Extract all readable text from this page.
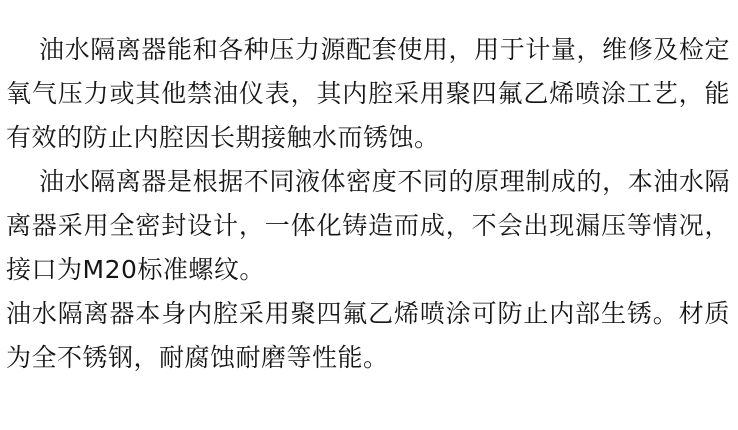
油水隔离器能和各种压力源配套使用，用于计量，维修及检定
氧气压力或其他禁油仪表，其内腔采用聚四氟乙烯喷涂工艺，能
有效的防止内腔因长期接触水而锈蚀。

油水隔离器是根据不同液体密度不同的原理制成的，本油水隔
离器采用全密封设计，一体化铸造而成，不会出现漏压等情况，
接口为M20标准螺纹。

油水隔离器本身内腔采用聚四氟乙烯喷涂可防止内部生锈。材质
为全不锈钢，耐腐蚀耐磨等性能。
